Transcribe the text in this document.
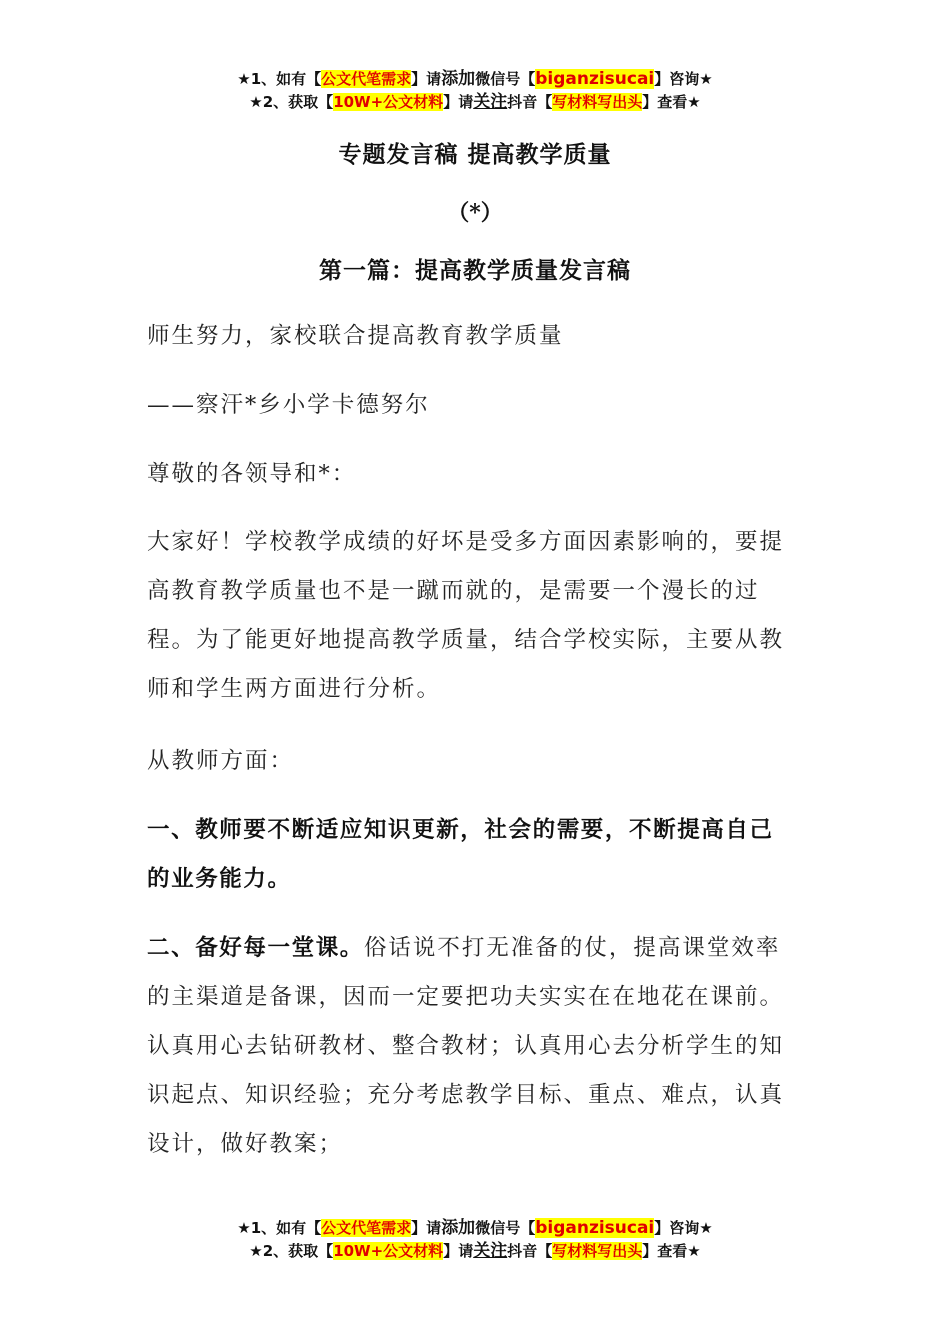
★1、如有【公文代笔需求】请添加微信号【biganzisucai】咨询★
★2、获取【10W+公文材料】请关注抖音【写材料写出头】查看★
专题发言稿 提高教学质量
（*）
第一篇：提高教学质量发言稿
师生努力，家校联合提高教育教学质量
——察汗*乡小学卡德努尔
尊敬的各领导和*：
大家好！学校教学成绩的好坏是受多方面因素影响的，要提高教育教学质量也不是一蹴而就的，是需要一个漫长的过程。为了能更好地提高教学质量，结合学校实际，主要从教师和学生两方面进行分析。
从教师方面：
一、教师要不断适应知识更新，社会的需要，不断提高自己的业务能力。
二、备好每一堂课。俗话说不打无准备的仗，提高课堂效率的主渠道是备课，因而一定要把功夫实实在在地花在课前。认真用心去钻研教材、整合教材；认真用心去分析学生的知识起点、知识经验；充分考虑教学目标、重点、难点，认真设计，做好教案；
★1、如有【公文代笔需求】请添加微信号【biganzisucai】咨询★
★2、获取【10W+公文材料】请关注抖音【写材料写出头】查看★
